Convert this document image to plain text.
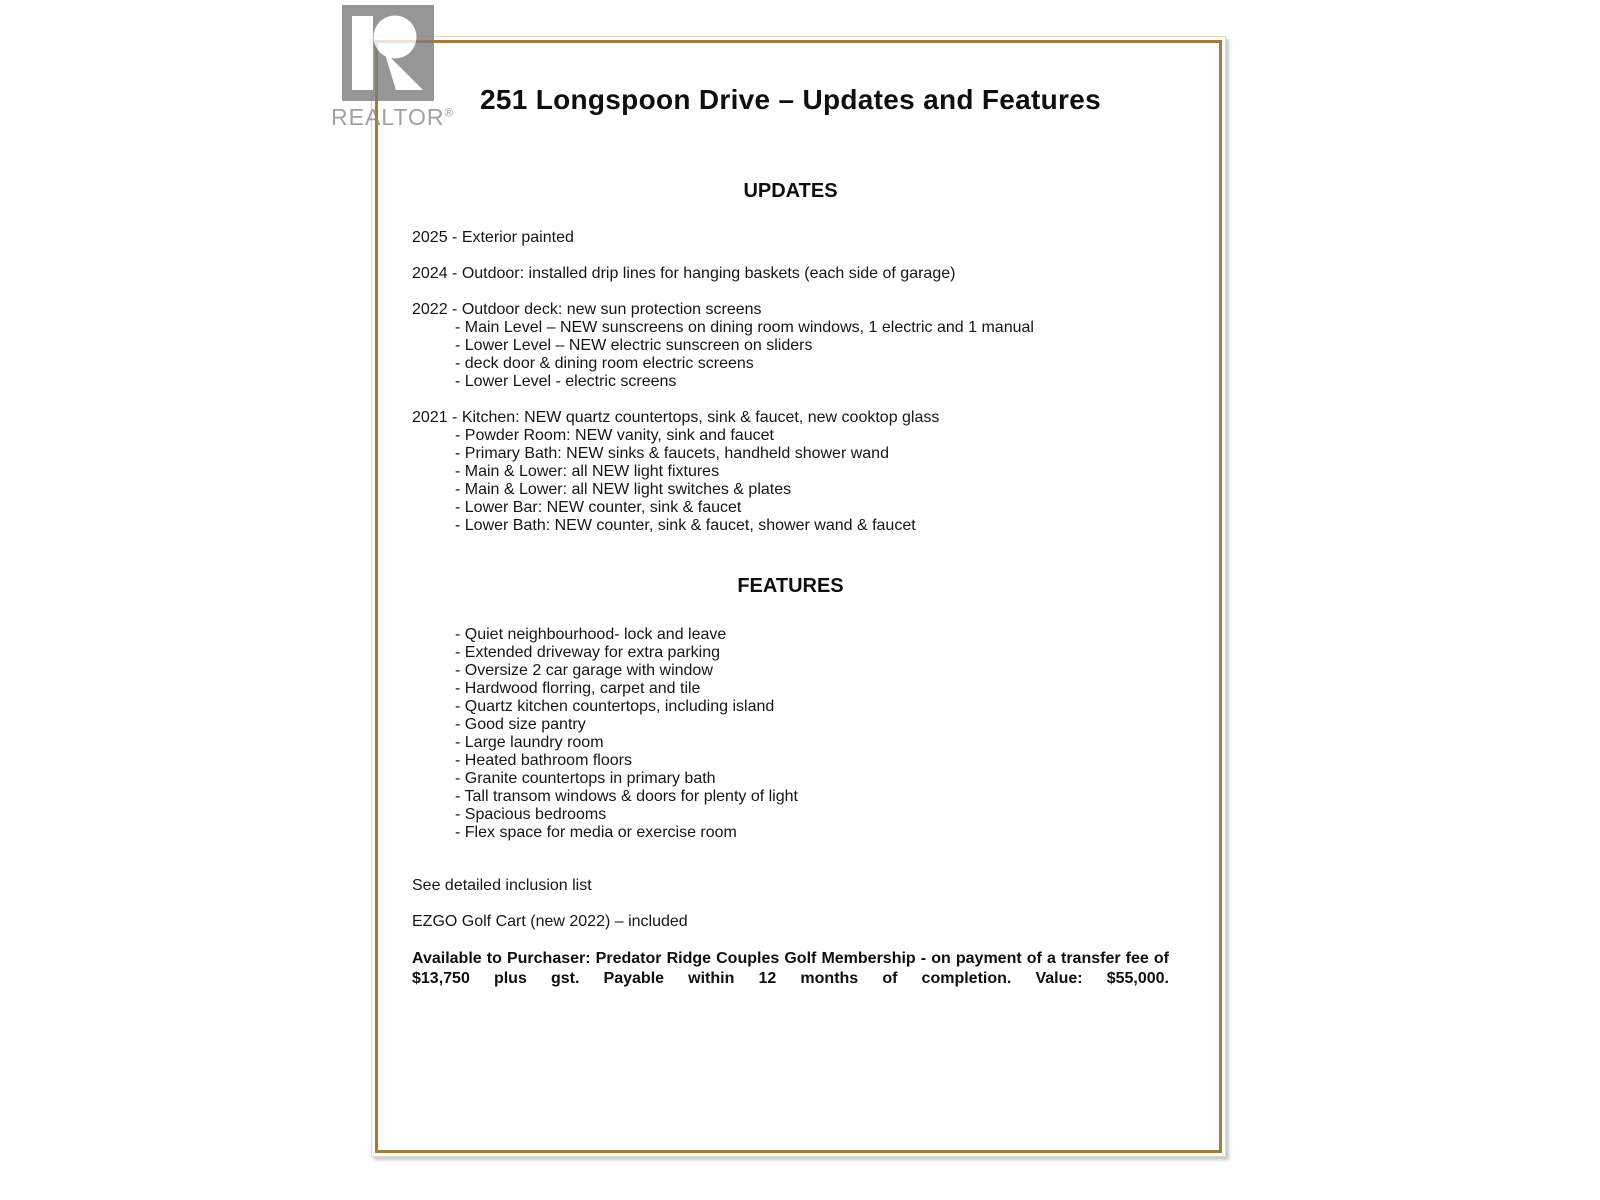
REALTOR® 251 Longspoon Drive – Updates and Features
UPDATES
2025 - Exterior painted
2024 - Outdoor: installed drip lines for hanging baskets (each side of garage)
2022 - Outdoor deck: new sun protection screens
- Main Level – NEW sunscreens on dining room windows, 1 electric and 1 manual
- Lower Level – NEW electric sunscreen on sliders
- deck door & dining room electric screens
- Lower Level - electric screens
2021 - Kitchen: NEW quartz countertops, sink & faucet, new cooktop glass
- Powder Room: NEW vanity, sink and faucet
- Primary Bath: NEW sinks & faucets, handheld shower wand
- Main & Lower: all NEW light fixtures
- Main & Lower: all NEW light switches & plates
- Lower Bar: NEW counter, sink & faucet
- Lower Bath: NEW counter, sink & faucet, shower wand & faucet
FEATURES
- Quiet neighbourhood- lock and leave
- Extended driveway for extra parking
- Oversize 2 car garage with window
- Hardwood florring, carpet and tile
- Quartz kitchen countertops, including island
- Good size pantry
- Large laundry room
- Heated bathroom floors
- Granite countertops in primary bath
- Tall transom windows & doors for plenty of light
- Spacious bedrooms
- Flex space for media or exercise room

See detailed inclusion list

EZGO Golf Cart (new 2022) – included

Available to Purchaser: Predator Ridge Couples Golf Membership - on payment of a transfer fee of $13,750 plus gst. Payable within 12 months of completion. Value: $55,000.
